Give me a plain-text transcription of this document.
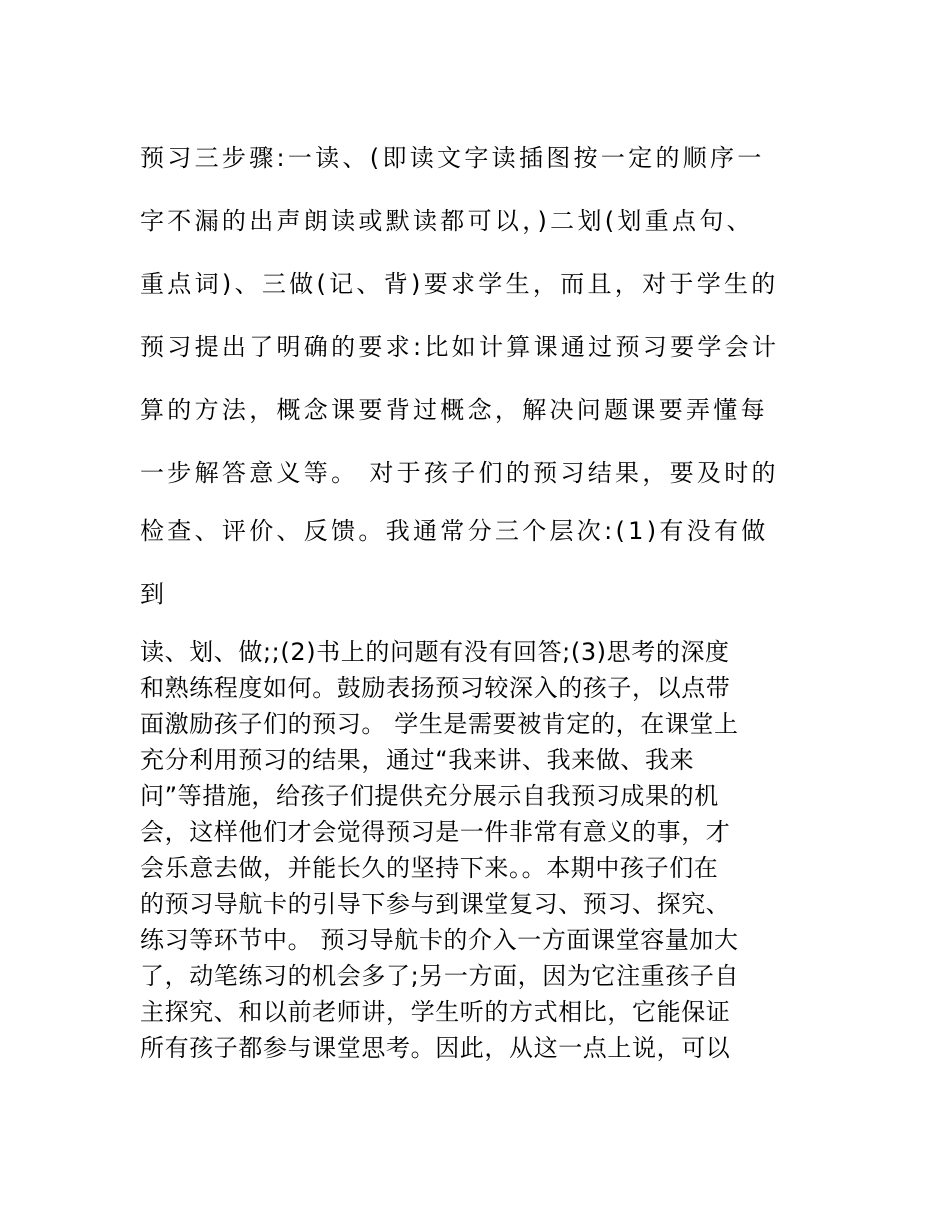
预习三步骤:一读、(即读文字读插图按一定的顺序一
字不漏的出声朗读或默读都可以，)二划(划重点句、
重点词)、三做(记、背)要求学生，而且，对于学生的
预习提出了明确的要求:比如计算课通过预习要学会计
算的方法，概念课要背过概念，解决问题课要弄懂每
一步解答意义等。 对于孩子们的预习结果，要及时的
检查、评价、反馈。我通常分三个层次:(1)有没有做
到
读、划、做;;(2)书上的问题有没有回答;(3)思考的深度
和熟练程度如何。鼓励表扬预习较深入的孩子，以点带
面激励孩子们的预习。 学生是需要被肯定的，在课堂上
充分利用预习的结果，通过“我来讲、我来做、我来
问”等措施，给孩子们提供充分展示自我预习成果的机
会，这样他们才会觉得预习是一件非常有意义的事，才
会乐意去做，并能长久的坚持下来。。本期中孩子们在
的预习导航卡的引导下参与到课堂复习、预习、探究、
练习等环节中。 预习导航卡的介入一方面课堂容量加大
了，动笔练习的机会多了;另一方面，因为它注重孩子自
主探究、和以前老师讲，学生听的方式相比，它能保证
所有孩子都参与课堂思考。因此，从这一点上说，可以
